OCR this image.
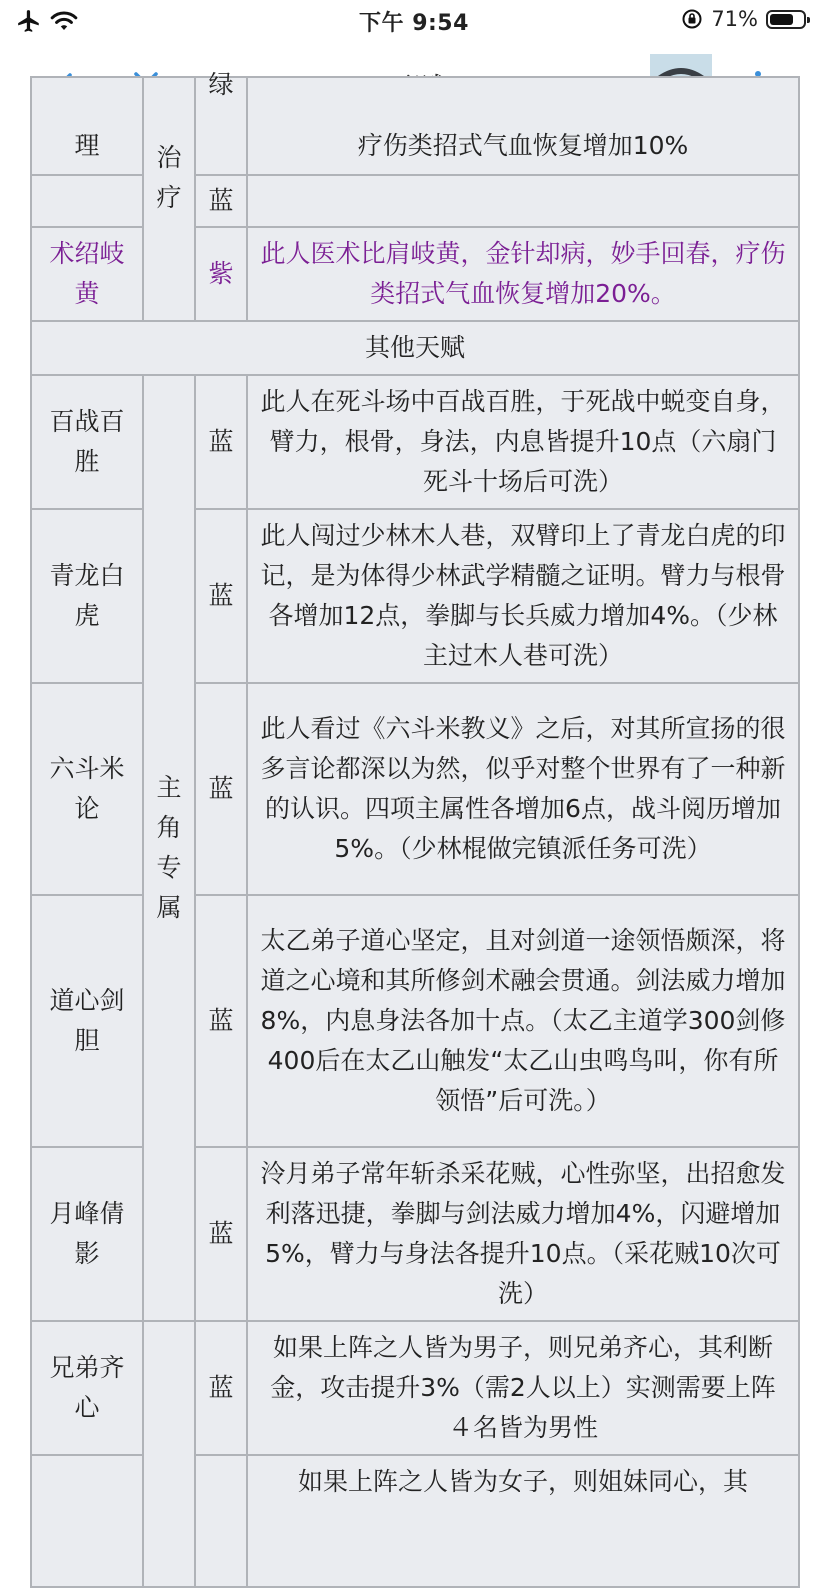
下午 9:54	71%
理	治疗	绿	疗伤类招式气血恢复增加10%
		蓝	
术绍岐黄		紫	此人医术比肩岐黄，金针却病，妙手回春，疗伤类招式气血恢复增加20%。
其他天赋			
百战百胜	主角专属	蓝	此人在死斗场中百战百胜，于死战中蜕变自身，臂力，根骨，身法，内息皆提升10点（六扇门死斗十场后可洗）
青龙白虎		蓝	此人闯过少林木人巷，双臂印上了青龙白虎的印记，是为体得少林武学精髓之证明。臂力与根骨各增加12点，拳脚与长兵威力增加4%。（少林主过木人巷可洗）
六斗米论		蓝	此人看过《六斗米教义》之后，对其所宣扬的很多言论都深以为然，似乎对整个世界有了一种新的认识。四项主属性各增加6点，战斗阅历增加5%。（少林棍做完镇派任务可洗）
道心剑胆		蓝	太乙弟子道心坚定，且对剑道一途领悟颇深，将道之心境和其所修剑术融会贯通。剑法威力增加8%，内息身法各加十点。（太乙主道学300剑修400后在太乙山触发“太乙山虫鸣鸟叫，你有所领悟”后可洗。）
月峰倩影		蓝	泠月弟子常年斩杀采花贼，心性弥坚，出招愈发利落迅捷，拳脚与剑法威力增加4%，闪避增加5%，臂力与身法各提升10点。（采花贼10次可洗）
兄弟齐心		蓝	如果上阵之人皆为男子，则兄弟齐心，其利断金，攻击提升3%（需2人以上）实测需要上阵４名皆为男性
			如果上阵之人皆为女子，则姐妹同心，其
